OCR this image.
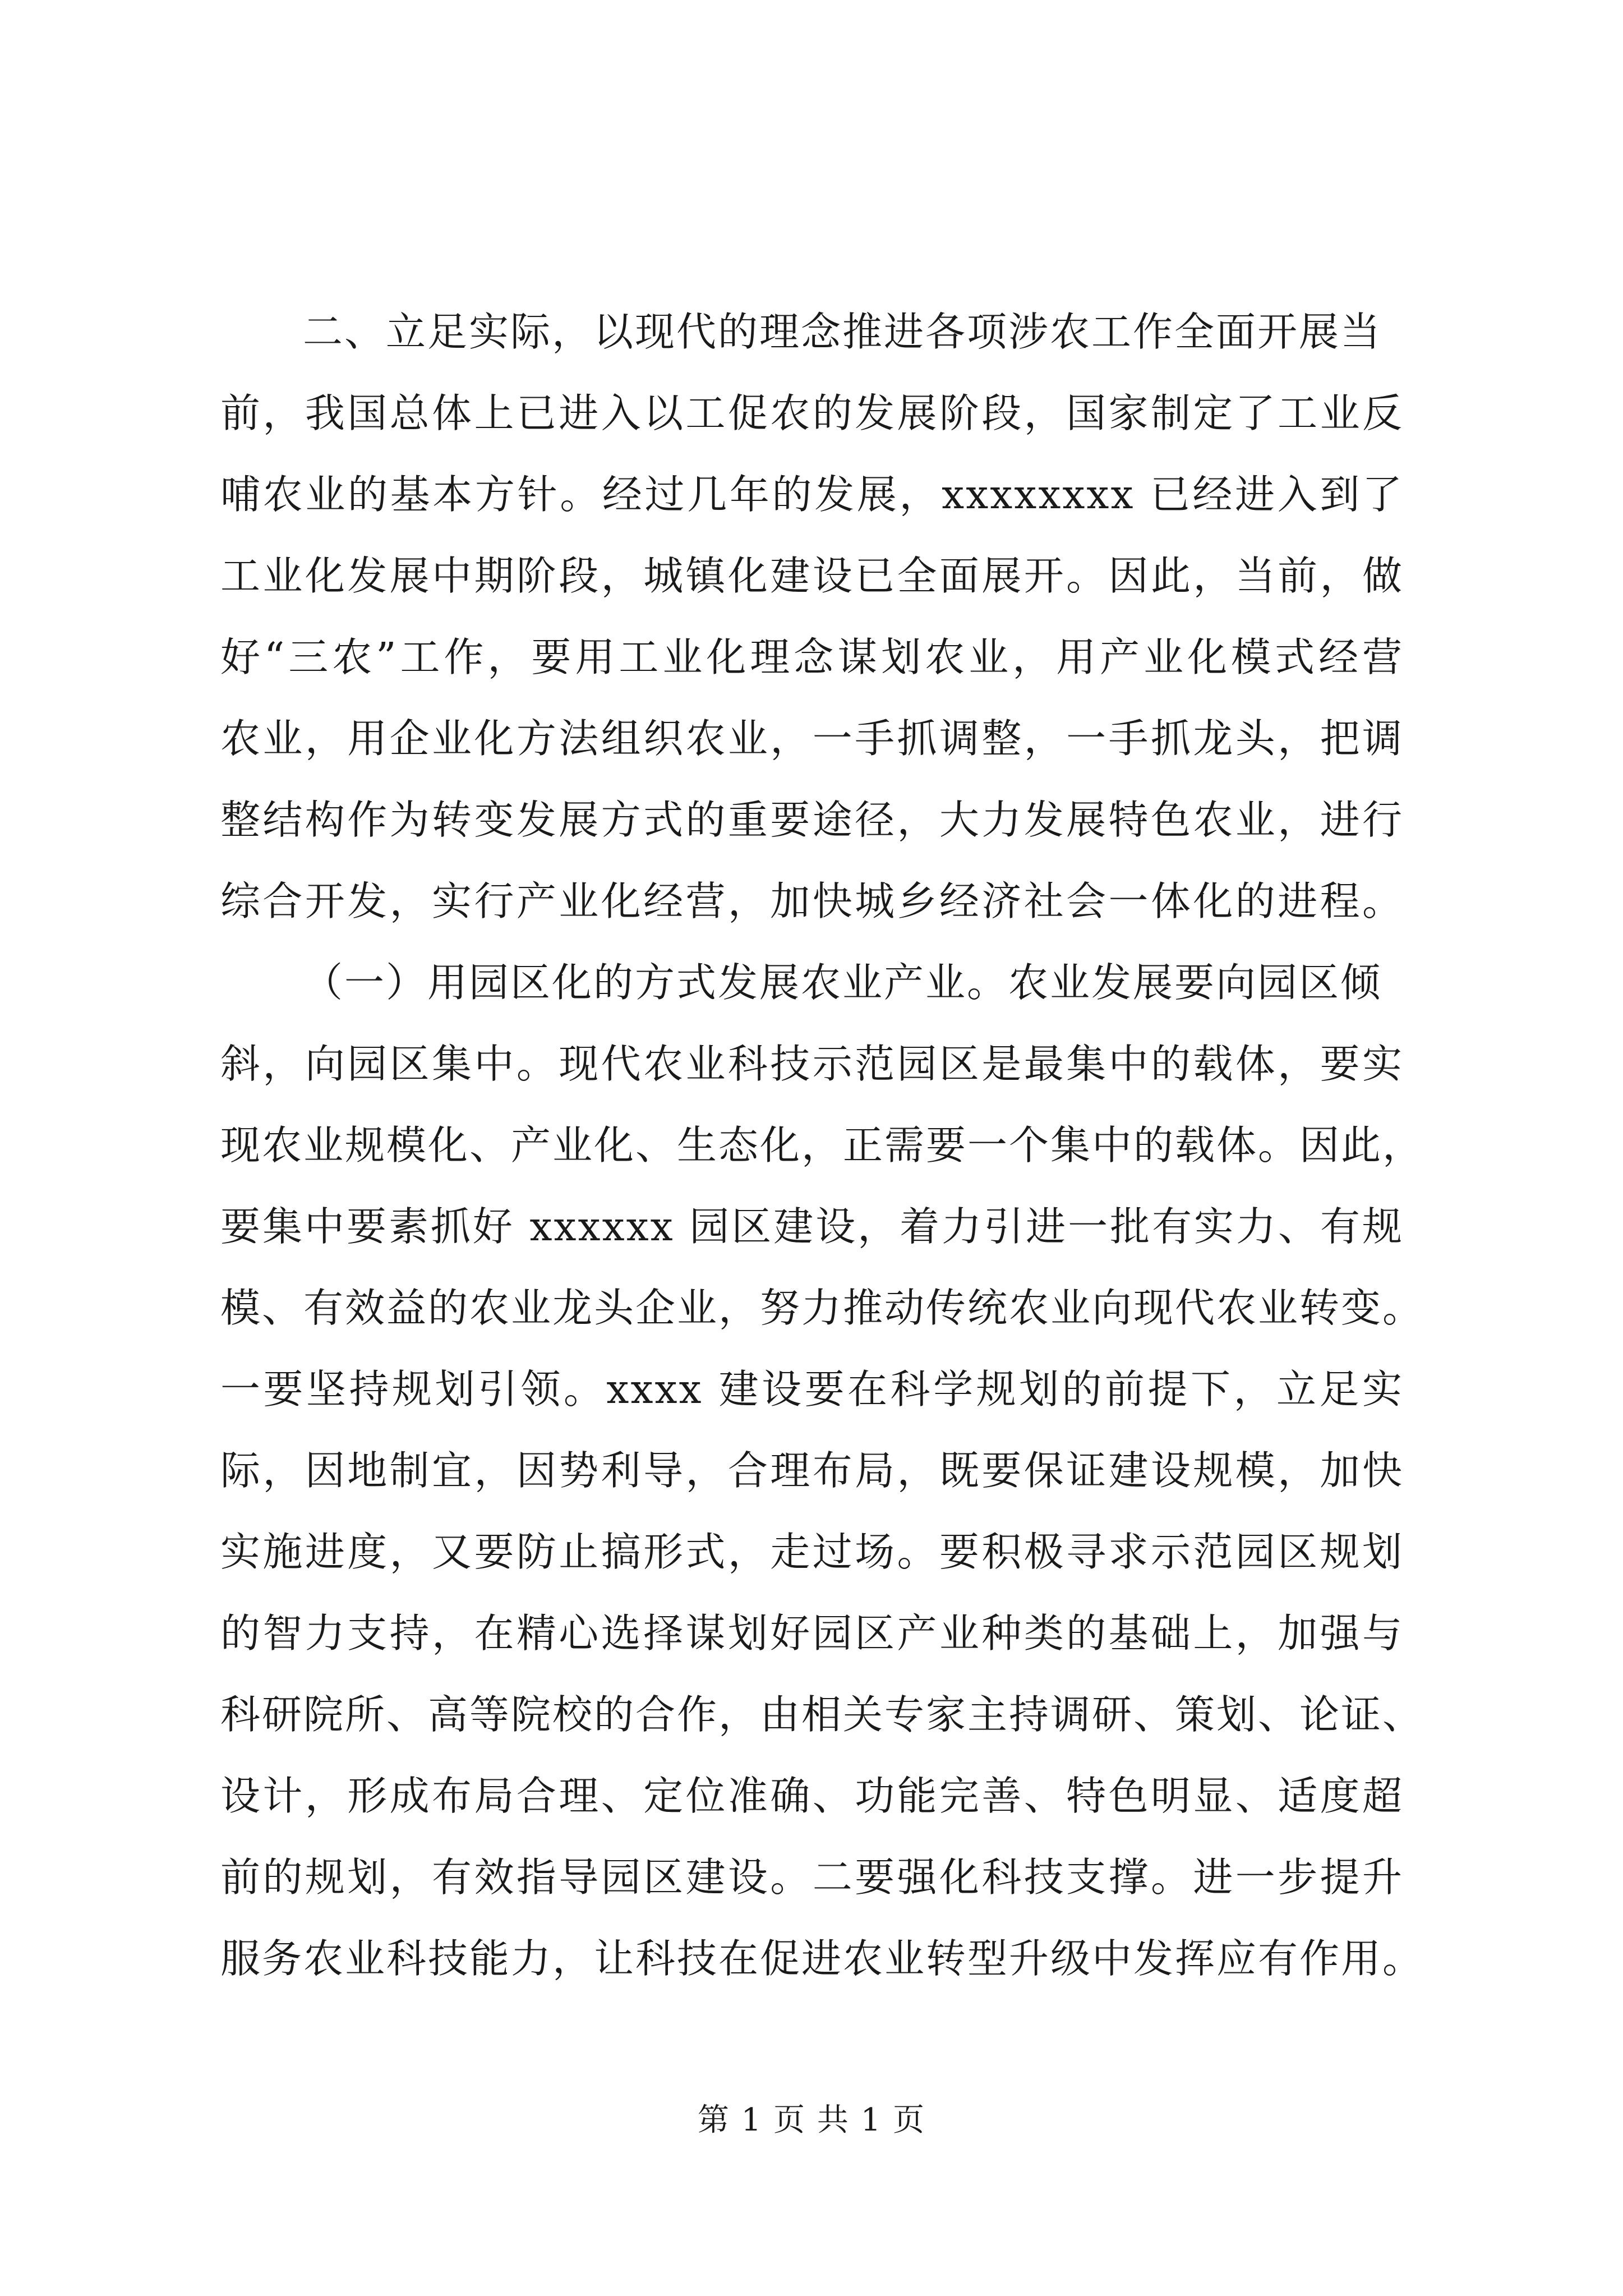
二、立足实际，以现代的理念推进各项涉农工作全面开展当
前，我国总体上已进入以工促农的发展阶段，国家制定了工业反
哺农业的基本方针。经过几年的发展，xxxxxxxx 已经进入到了
工业化发展中期阶段，城镇化建设已全面展开。因此，当前，做
好“三农”工作，要用工业化理念谋划农业，用产业化模式经营
农业，用企业化方法组织农业，一手抓调整，一手抓龙头，把调
整结构作为转变发展方式的重要途径，大力发展特色农业，进行
综合开发，实行产业化经营，加快城乡经济社会一体化的进程。
（一）用园区化的方式发展农业产业。农业发展要向园区倾
斜，向园区集中。现代农业科技示范园区是最集中的载体，要实
现农业规模化、产业化、生态化，正需要一个集中的载体。因此，
要集中要素抓好 xxxxxx 园区建设，着力引进一批有实力、有规
模、有效益的农业龙头企业，努力推动传统农业向现代农业转变。
一要坚持规划引领。xxxx 建设要在科学规划的前提下，立足实
际，因地制宜，因势利导，合理布局，既要保证建设规模，加快
实施进度，又要防止搞形式，走过场。要积极寻求示范园区规划
的智力支持，在精心选择谋划好园区产业种类的基础上，加强与
科研院所、高等院校的合作，由相关专家主持调研、策划、论证、
设计，形成布局合理、定位准确、功能完善、特色明显、适度超
前的规划，有效指导园区建设。二要强化科技支撑。进一步提升
服务农业科技能力，让科技在促进农业转型升级中发挥应有作用。
第 1 页 共 1 页
